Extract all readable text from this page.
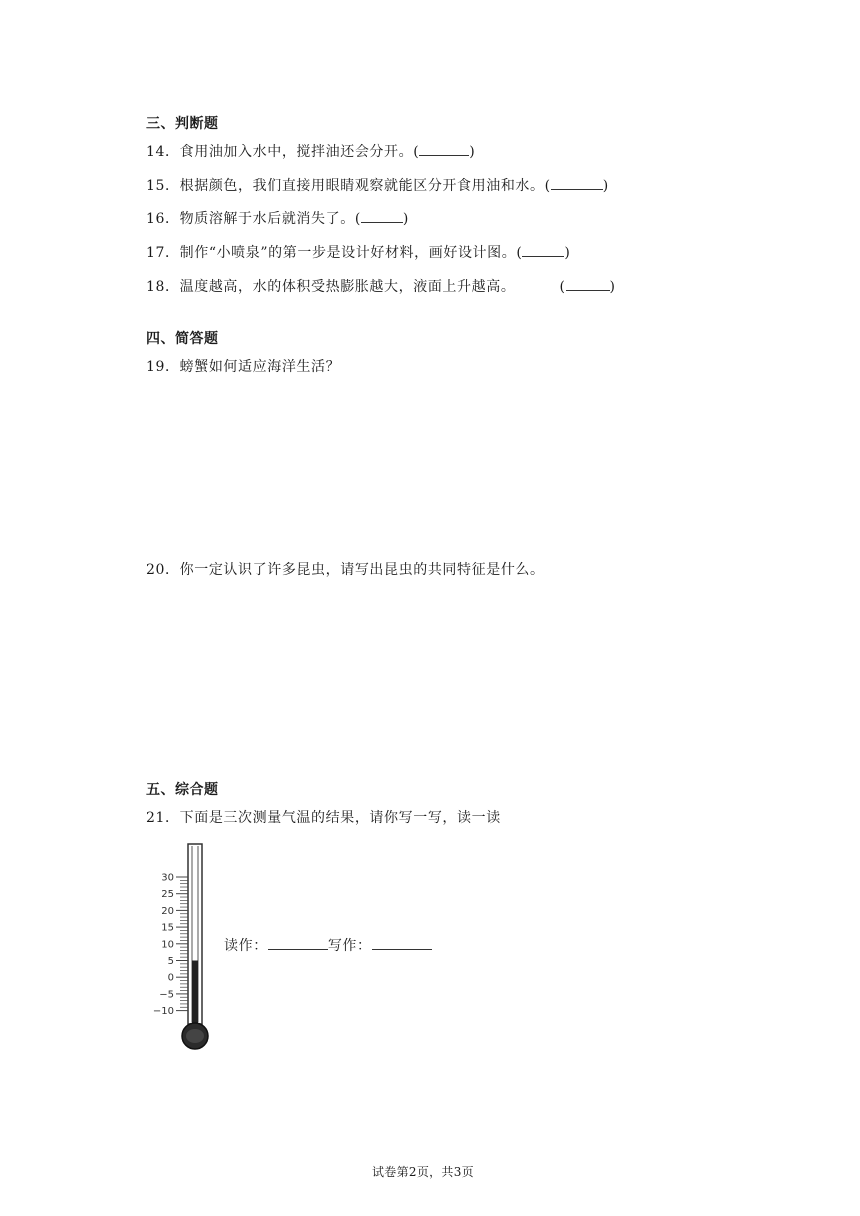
三、判断题
14．食用油加入水中，搅拌油还会分开。(	)
15．根据颜色，我们直接用眼睛观察就能区分开食用油和水。(	)
16．物质溶解于水后就消失了。(	)
17．制作“小喷泉”的第一步是设计好材料，画好设计图。(	)
18．温度越高，水的体积受热膨胀越大，液面上升越高。	(	)
四、简答题
19．螃蟹如何适应海洋生活？
20．你一定认识了许多昆虫，请写出昆虫的共同特征是什么。
五、综合题
21．下面是三次测量气温的结果，请你写一写，读一读
30
25
20
15
10
5
0
−5
−10
读作：	写作：
试卷第2页，共3页
